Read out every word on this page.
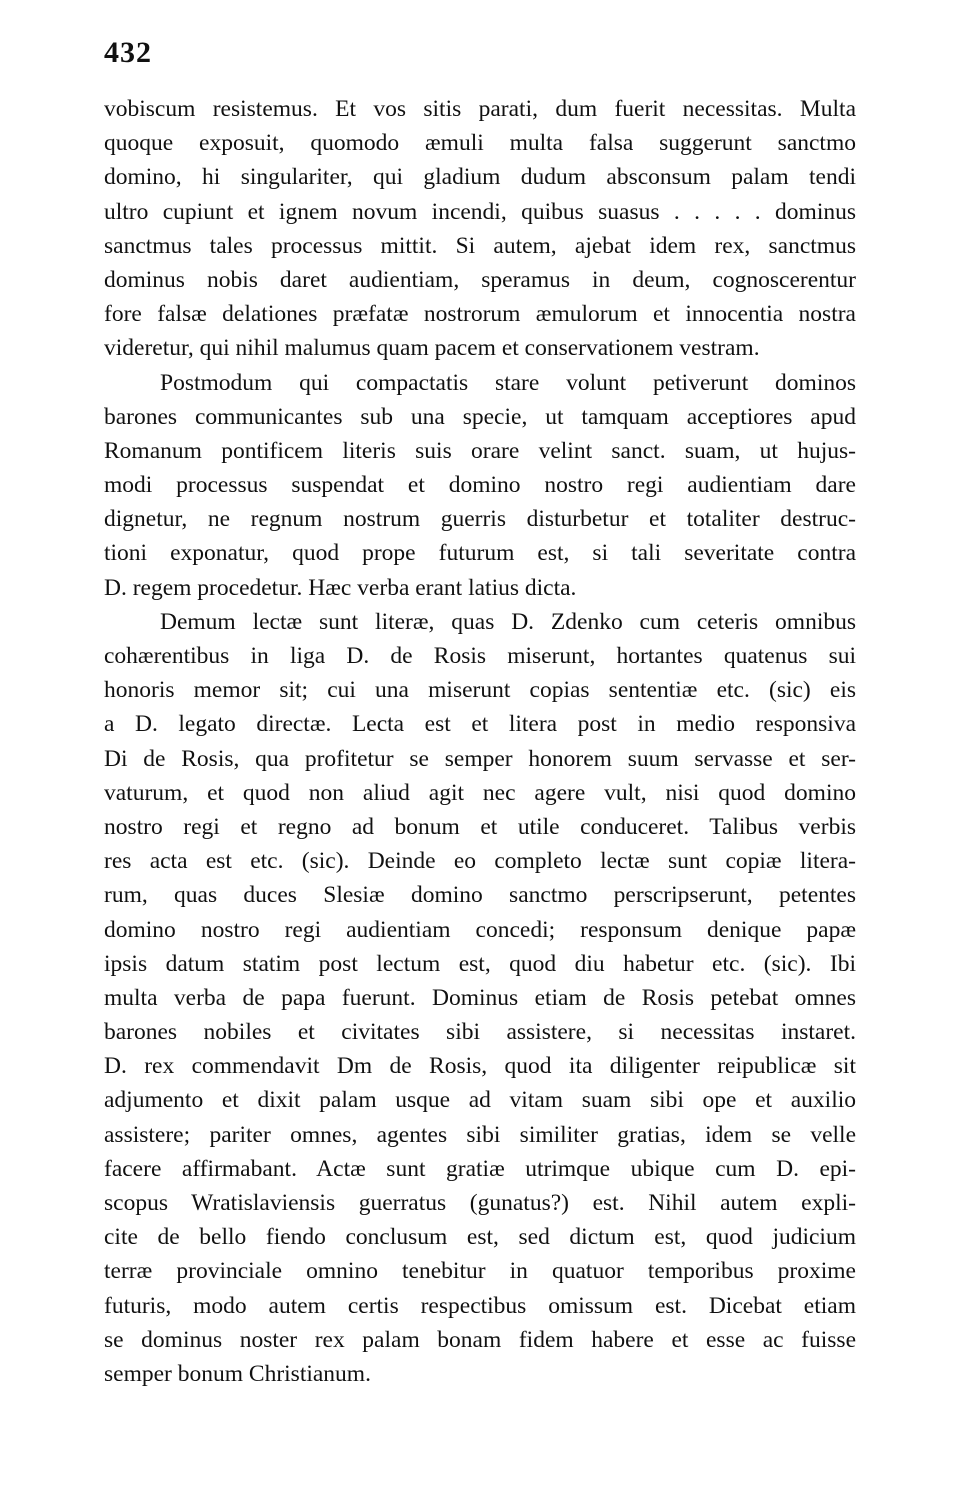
432
vobiscum resistemus. Et vos sitis parati, dum fuerit necessitas. Multa
quoque exposuit, quomodo æmuli multa falsa suggerunt sanctmo
domino, hi singulariter, qui gladium dudum absconsum palam tendi
ultro cupiunt et ignem novum incendi, quibus suasus . . . . . dominus
sanctmus tales processus mittit. Si autem, ajebat idem rex, sanctmus
dominus nobis daret audientiam, speramus in deum, cognoscerentur
fore falsæ delationes præfatæ nostrorum æmulorum et innocentia nostra
videretur, qui nihil malumus quam pacem et conservationem vestram.
Postmodum qui compactatis stare volunt petiverunt dominos
barones communicantes sub una specie, ut tamquam acceptiores apud
Romanum pontificem literis suis orare velint sanct. suam, ut hujus-
modi processus suspendat et domino nostro regi audientiam dare
dignetur, ne regnum nostrum guerris disturbetur et totaliter destruc-
tioni exponatur, quod prope futurum est, si tali severitate contra
D. regem procedetur. Hæc verba erant latius dicta.
Demum lectæ sunt literæ, quas D. Zdenko cum ceteris omnibus
cohærentibus in liga D. de Rosis miserunt, hortantes quatenus sui
honoris memor sit; cui una miserunt copias sententiæ etc. (sic) eis
a D. legato directæ. Lecta est et litera post in medio responsiva
Di de Rosis, qua profitetur se semper honorem suum servasse et ser-
vaturum, et quod non aliud agit nec agere vult, nisi quod domino
nostro regi et regno ad bonum et utile conduceret. Talibus verbis
res acta est etc. (sic). Deinde eo completo lectæ sunt copiæ litera-
rum, quas duces Slesiæ domino sanctmo perscripserunt, petentes
domino nostro regi audientiam concedi; responsum denique papæ
ipsis datum statim post lectum est, quod diu habetur etc. (sic). Ibi
multa verba de papa fuerunt. Dominus etiam de Rosis petebat omnes
barones nobiles et civitates sibi assistere, si necessitas instaret.
D. rex commendavit Dm de Rosis, quod ita diligenter reipublicæ sit
adjumento et dixit palam usque ad vitam suam sibi ope et auxilio
assistere; pariter omnes, agentes sibi similiter gratias, idem se velle
facere affirmabant. Actæ sunt gratiæ utrimque ubique cum D. epi-
scopus Wratislaviensis guerratus (gunatus?) est. Nihil autem expli-
cite de bello fiendo conclusum est, sed dictum est, quod judicium
terræ provinciale omnino tenebitur in quatuor temporibus proxime
futuris, modo autem certis respectibus omissum est. Dicebat etiam
se dominus noster rex palam bonam fidem habere et esse ac fuisse
semper bonum Christianum.
